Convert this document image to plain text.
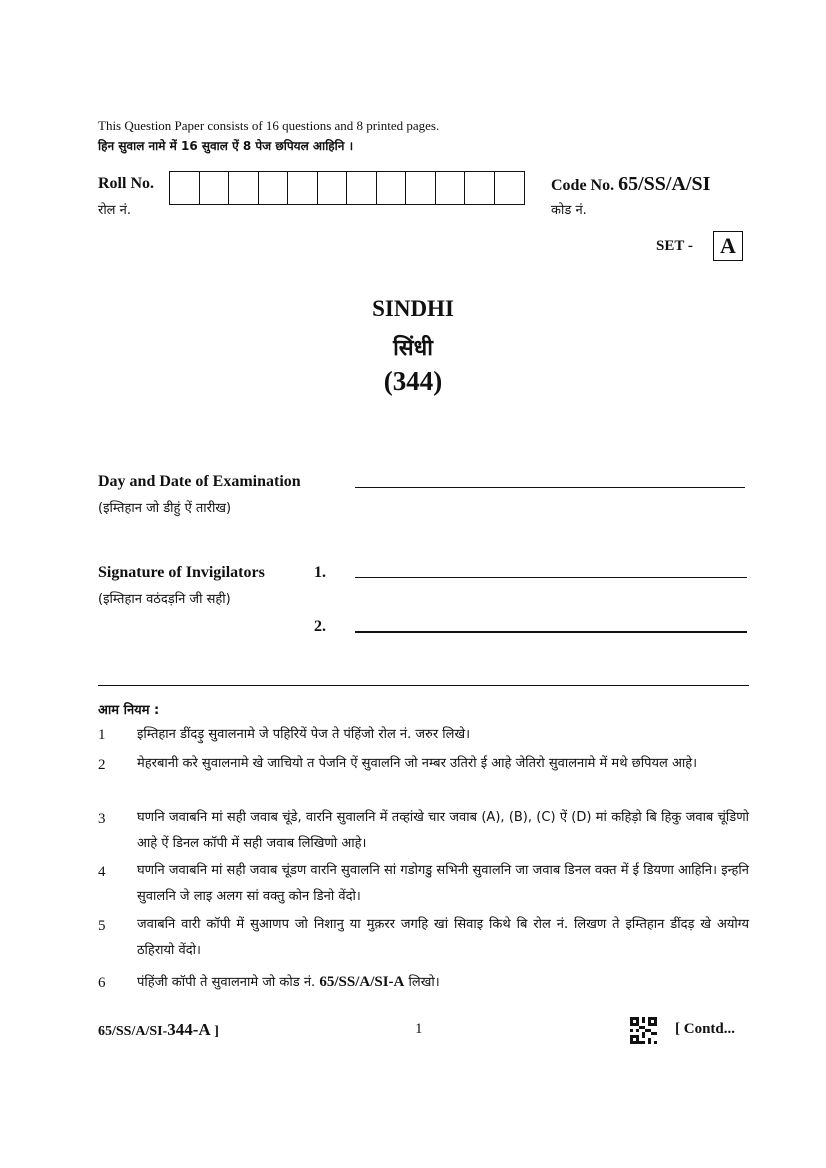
This Question Paper consists of 16 questions and 8 printed pages.
हिन सुवाल नामे में 16 सुवाल ऐं 8 पेज छपियल आहिनि ।
Roll No.
रोल नं.
Code No. 65/SS/A/SI
कोड नं.
SET -	A
SINDHI
सिंधी
(344)
Day and Date of Examination
(इम्तिहान जो डीहुं ऐं तारीख)
Signature of Invigilators
(इम्तिहान वठंदड़नि जी सही)
1.
2.
आम नियम :
1 इम्तिहान डींदड़ु सुवालनामे जे पहिरियें पेज ते पंहिंजो रोल नं. जरुर लिखे।
2 मेहरबानी करे सुवालनामे खे जाचियो त पेजनि ऐं सुवालनि जो नम्बर उतिरो ई आहे जेतिरो सुवालनामे में मथे छपियल आहे।
3 घणनि जवाबनि मां सही जवाब चूंडे, वारनि सुवालनि में तव्हांखे चार जवाब (A), (B), (C) ऐं (D) मां कहिड़ो बि हिकु जवाब चूंडिणो आहे ऐं डिनल कॉपी में सही जवाब लिखिणो आहे।
4 घणनि जवाबनि मां सही जवाब चूंडण वारनि सुवालनि सां गडोगडु सभिनी सुवालनि जा जवाब डिनल वक्त में ई डियणा आहिनि। इन्हनि सुवालनि जे लाइ अलग सां वक्तु कोन डिनो वेंदो।
5 जवाबनि वारी कॉपी में सुआणप जो निशानु या मुक़रर जगहि खां सिवाइ किथे बि रोल नं. लिखण ते इम्तिहान डींदड़ खे अयोग्य ठहिरायो वेंदो।
6 पंहिंजी कॉपी ते सुवालनामे जो कोड नं. 65/SS/A/SI-A लिखो।
65/SS/A/SI-344-A ]	1	[ Contd...
